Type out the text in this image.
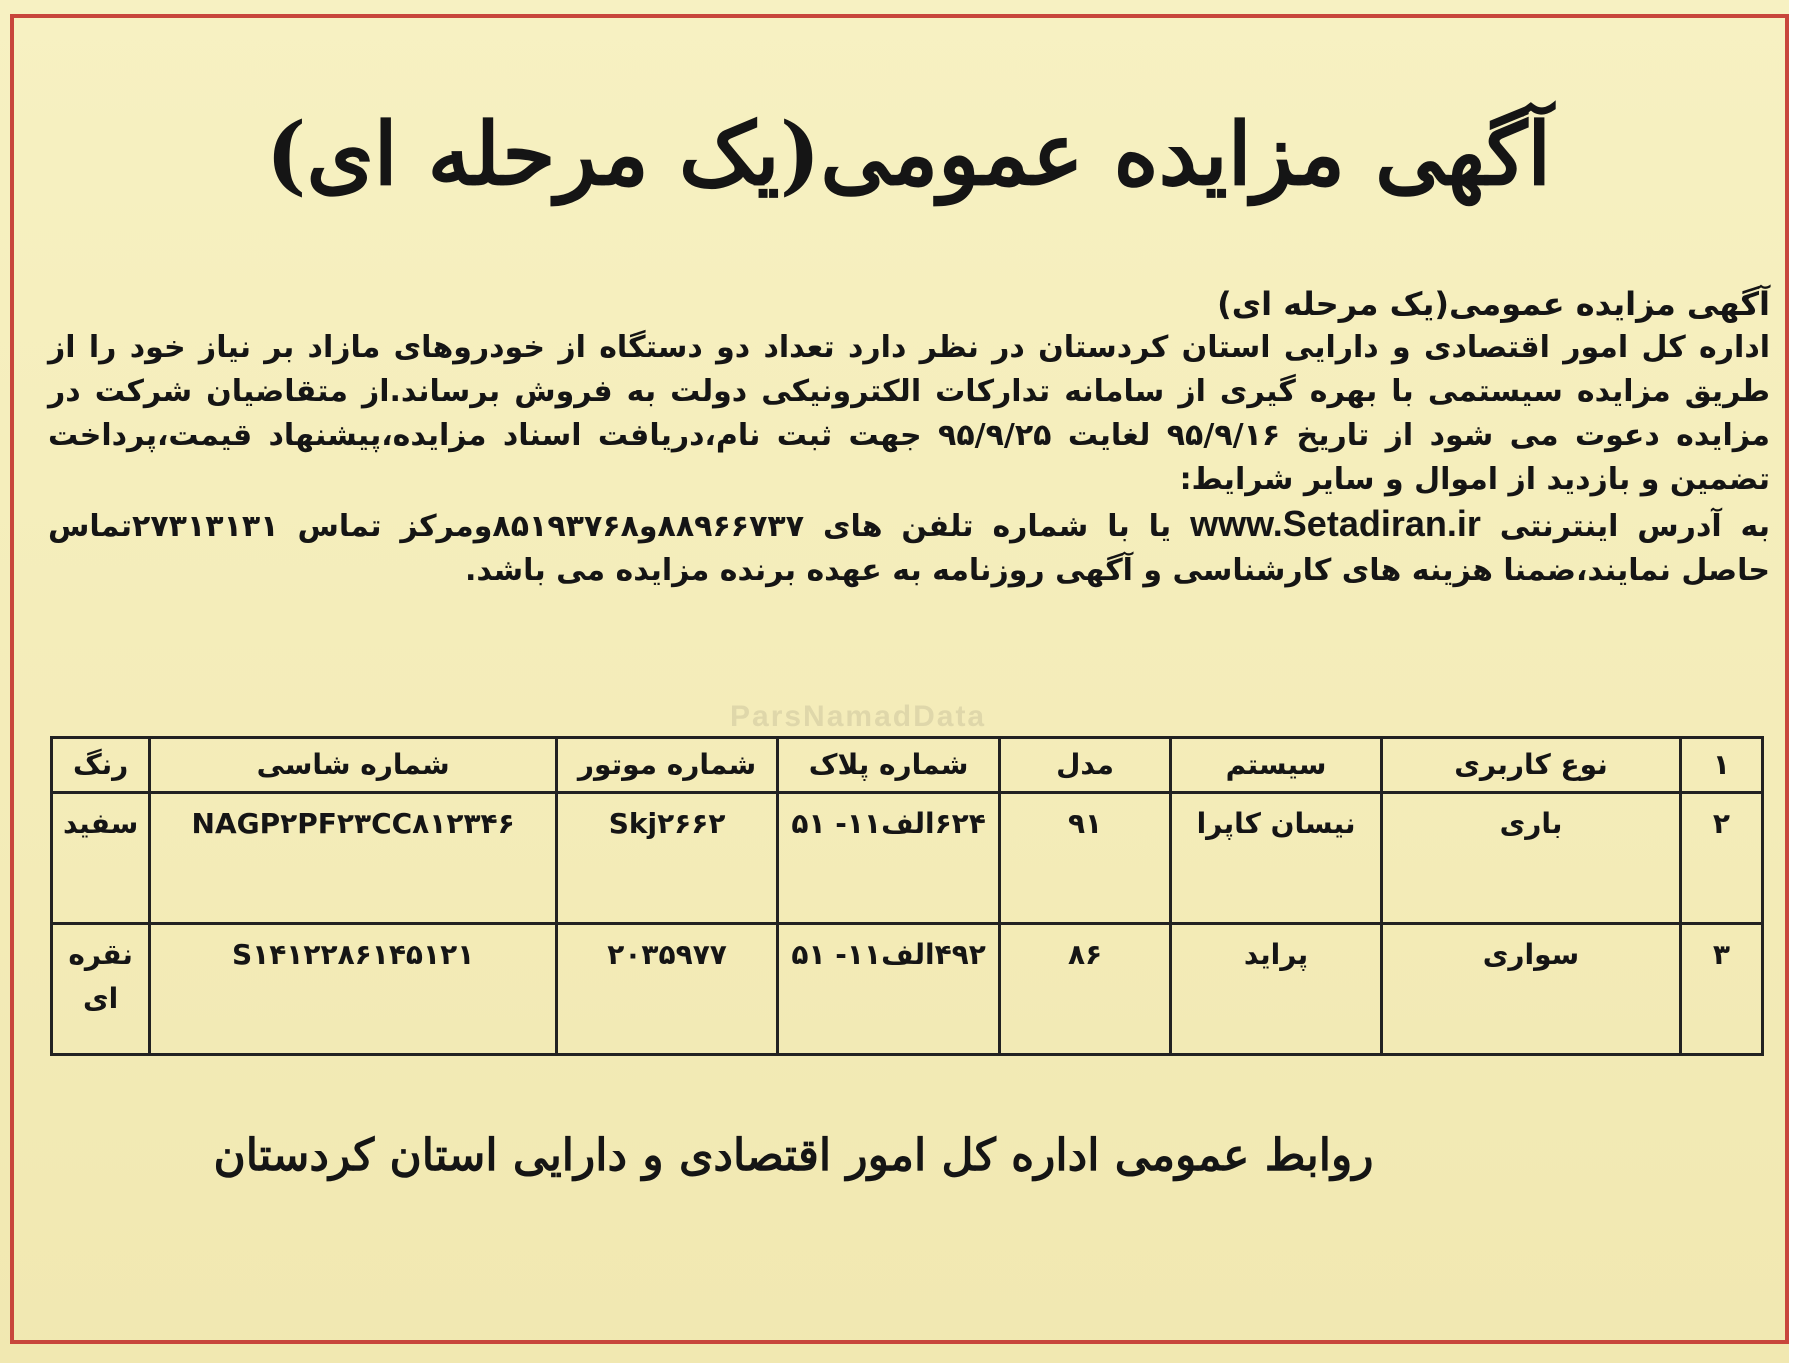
آگهی مزایده عمومی(یک مرحله ای)

آگهی مزایده عمومی(یک مرحله ای)

اداره کل امور اقتصادی و دارایی استان کردستان در نظر دارد تعداد دو دستگاه از خودروهای مازاد بر نیاز خود را از طریق مزایده سیستمی با بهره گیری از سامانه تدارکات الکترونیکی دولت به فروش برساند.از متقاضیان شرکت در مزایده دعوت می شود از تاریخ ۹۵/۹/۱۶ لغایت ۹۵/۹/۲۵ جهت ثبت نام،دریافت اسناد مزایده،پیشنهاد قیمت،پرداخت تضمین و بازدید از اموال و سایر شرایط:

به آدرس اینترنتی www.Setadiran.ir یا با شماره تلفن های ۸۸۹۶۶۷۳۷و۸۵۱۹۳۷۶۸ومرکز تماس ۲۷۳۱۳۱۳۱تماس حاصل نمایند،ضمنا هزینه های کارشناسی و آگهی روزنامه به عهده برنده مزایده می باشد.

ParsNamadData
۱	نوع کاربری	سیستم	مدل	شماره پلاک	شماره موتور	شماره شاسی	رنگ
۲	باری	نیسان کاپرا	۹۱	۶۲۴الف۱۱- ۵۱	Skj۲۶۶۲	NAGP۲PF۲۳CC۸۱۲۳۴۶	سفید
۳	سواری	پراید	۸۶	۴۹۲الف۱۱- ۵۱	۲۰۳۵۹۷۷	S۱۴۱۲۲۸۶۱۴۵۱۲۱	نقره ای
روابط عمومی اداره کل امور اقتصادی و دارایی استان کردستان
